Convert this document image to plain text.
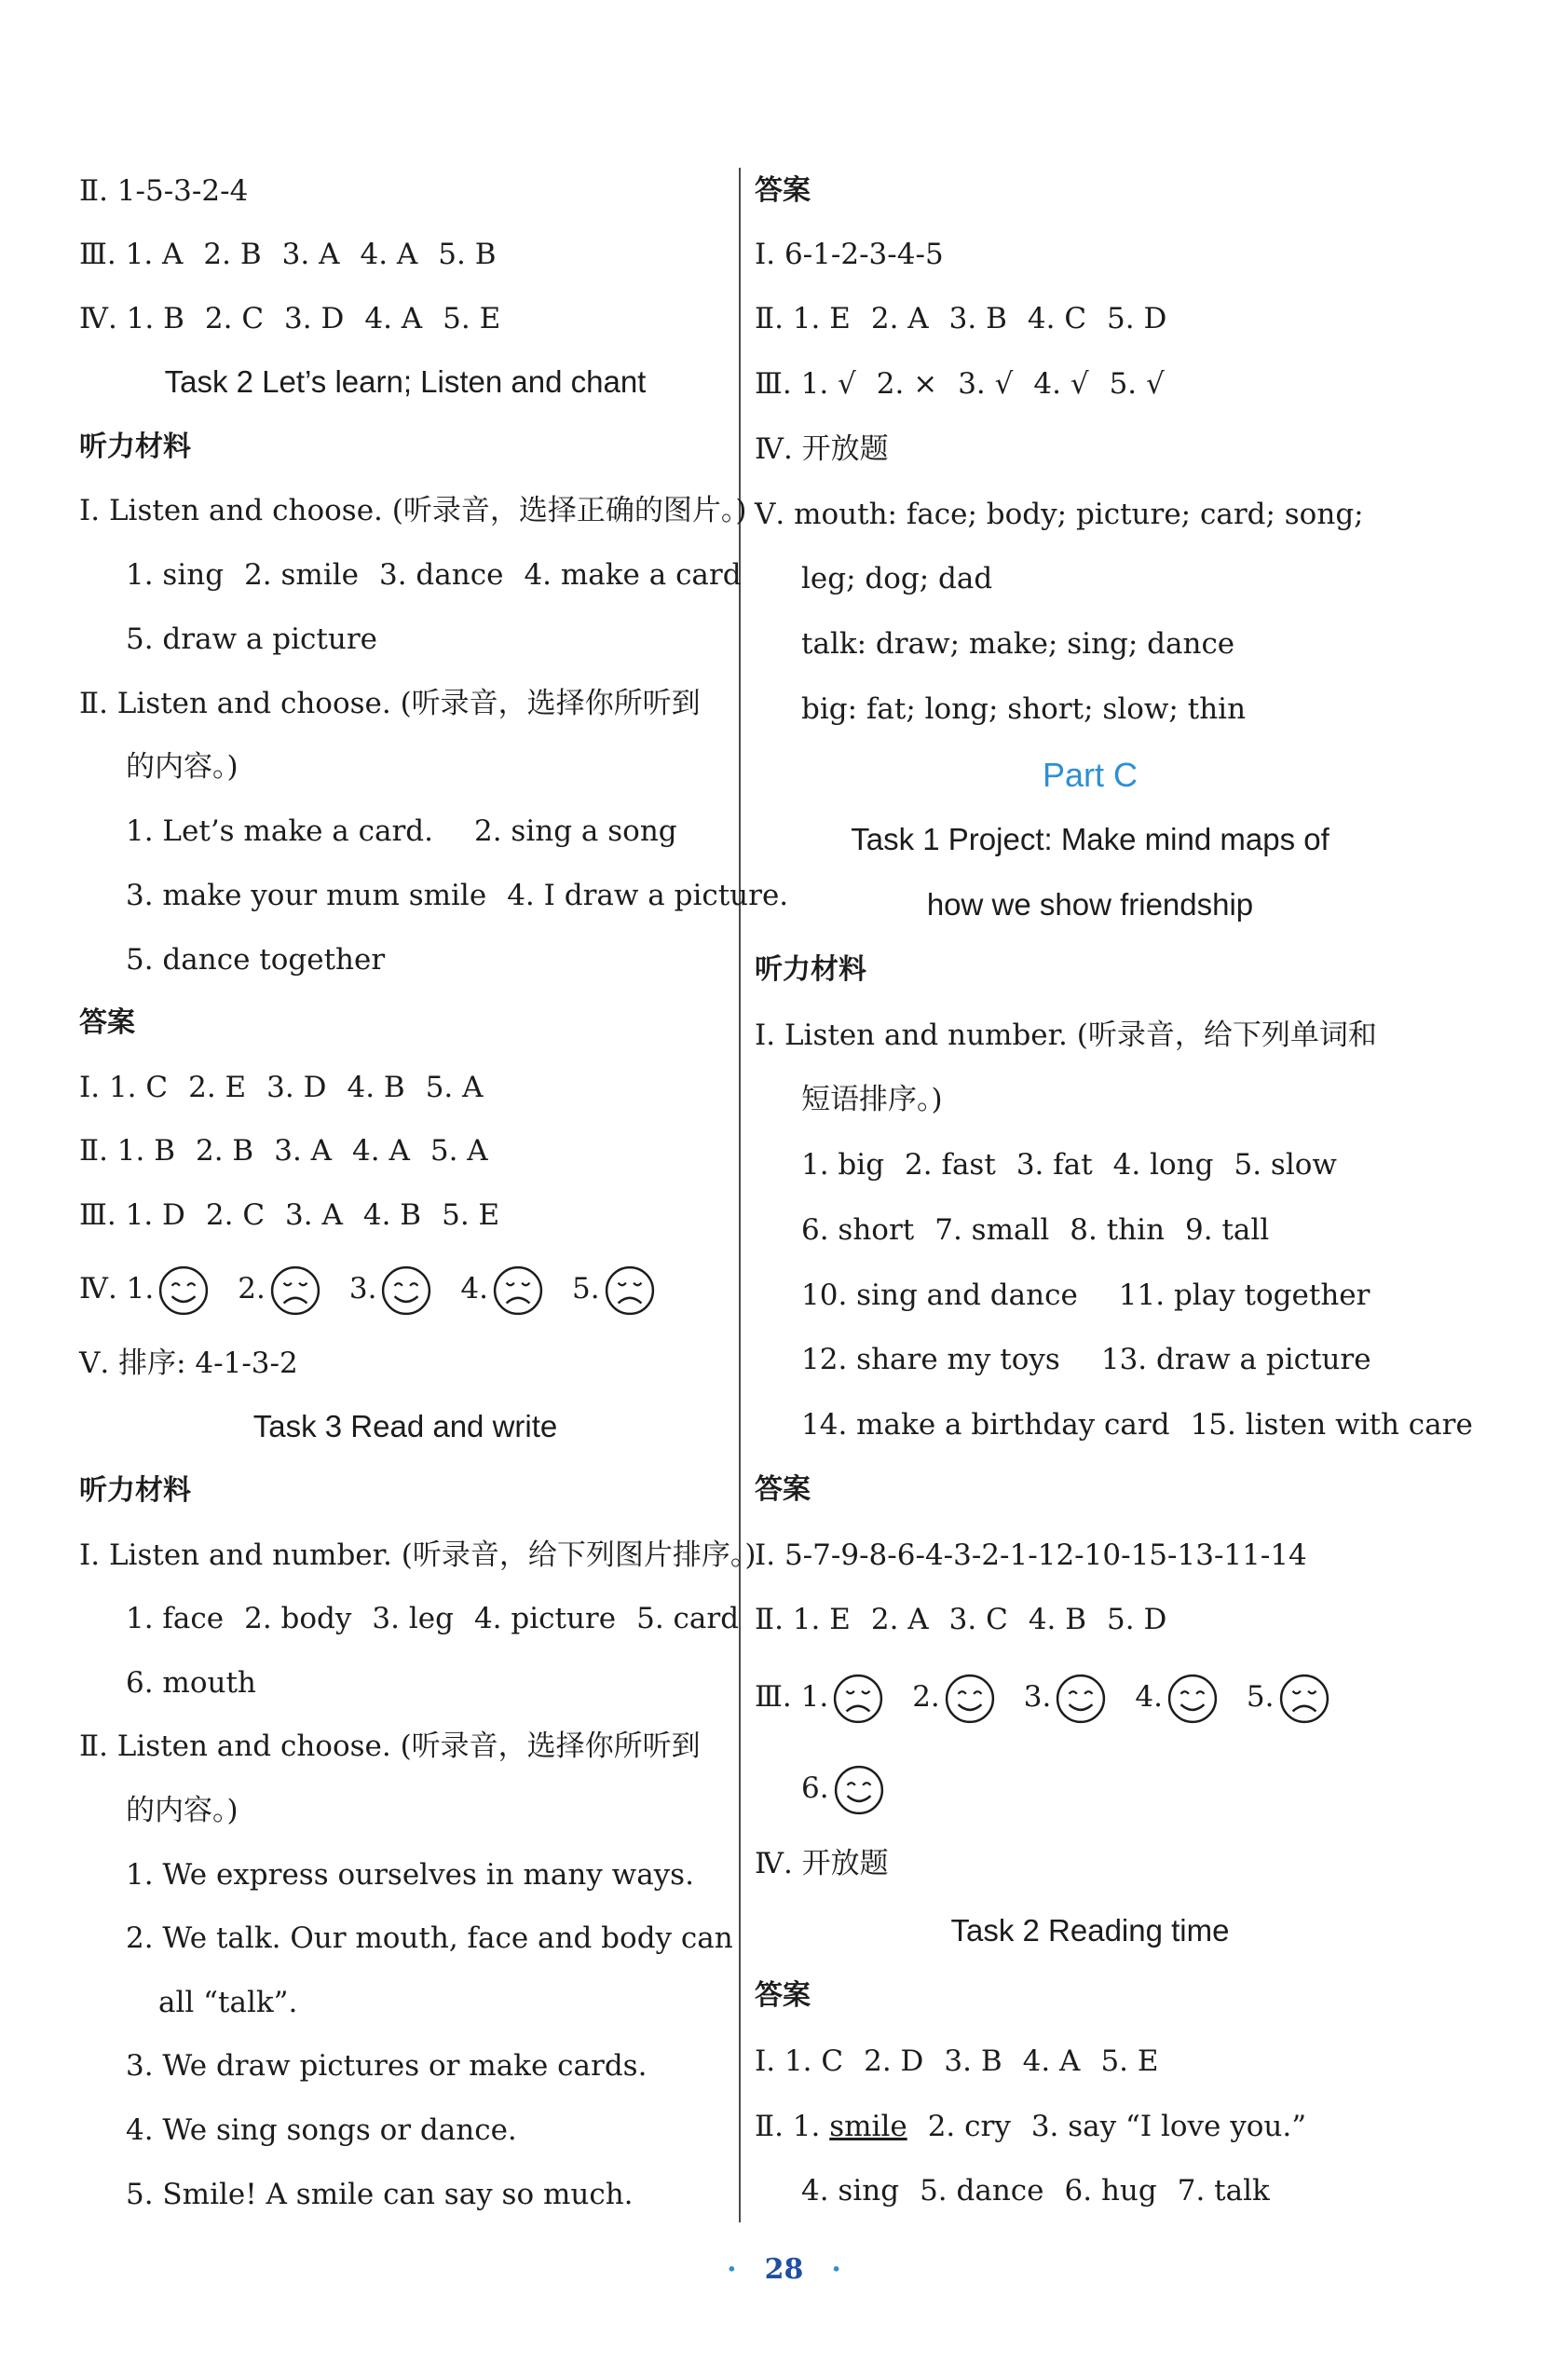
Ⅱ. 1-5-3-2-4
Ⅲ. 1. A 2. B 3. A 4. A 5. B
Ⅳ. 1. B 2. C 3. D 4. A 5. E
Task 2 Let’s learn; Listen and chant
听力材料
Ⅰ. Listen and choose. (听录音，选择正确的图片。)
1. sing 2. smile 3. dance 4. make a card
5. draw a picture
Ⅱ. Listen and choose. (听录音，选择你所听到
的内容。)
1. Let’s make a card. 2. sing a song
3. make your mum smile 4. I draw a picture.
5. dance together
答案
Ⅰ. 1. C 2. E 3. D 4. B 5. A
Ⅱ. 1. B 2. B 3. A 4. A 5. A
Ⅲ. 1. D 2. C 3. A 4. B 5. E
Ⅳ. 1.	2.	3.	4.	5.
Ⅴ. 排序: 4-1-3-2
Task 3 Read and write
听力材料
Ⅰ. Listen and number. (听录音，给下列图片排序。)
1. face 2. body 3. leg 4. picture 5. card
6. mouth
Ⅱ. Listen and choose. (听录音，选择你所听到
的内容。)
1. We express ourselves in many ways.
2. We talk. Our mouth, face and body can
all “talk”.
3. We draw pictures or make cards.
4. We sing songs or dance.
5. Smile! A smile can say so much.
答案
Ⅰ. 6-1-2-3-4-5
Ⅱ. 1. E 2. A 3. B 4. C 5. D
Ⅲ. 1. √ 2. × 3. √ 4. √ 5. √
Ⅳ. 开放题
Ⅴ. mouth: face; body; picture; card; song;
leg; dog; dad
talk: draw; make; sing; dance
big: fat; long; short; slow; thin
Part C
Task 1 Project: Make mind maps of
how we show friendship
听力材料
Ⅰ. Listen and number. (听录音，给下列单词和
短语排序。)
1. big 2. fast 3. fat 4. long 5. slow
6. short 7. small 8. thin 9. tall
10. sing and dance 11. play together
12. share my toys 13. draw a picture
14. make a birthday card 15. listen with care
答案
Ⅰ. 5-7-9-8-6-4-3-2-1-12-10-15-13-11-14
Ⅱ. 1. E 2. A 3. C 4. B 5. D
Ⅲ. 1.	2.	3.	4.	5.
6.
Ⅳ. 开放题
Task 2 Reading time
答案
Ⅰ. 1. C 2. D 3. B 4. A 5. E
Ⅱ. 1. smile 2. cry 3. say “I love you.”
4. sing 5. dance 6. hug 7. talk
· 28 ·
